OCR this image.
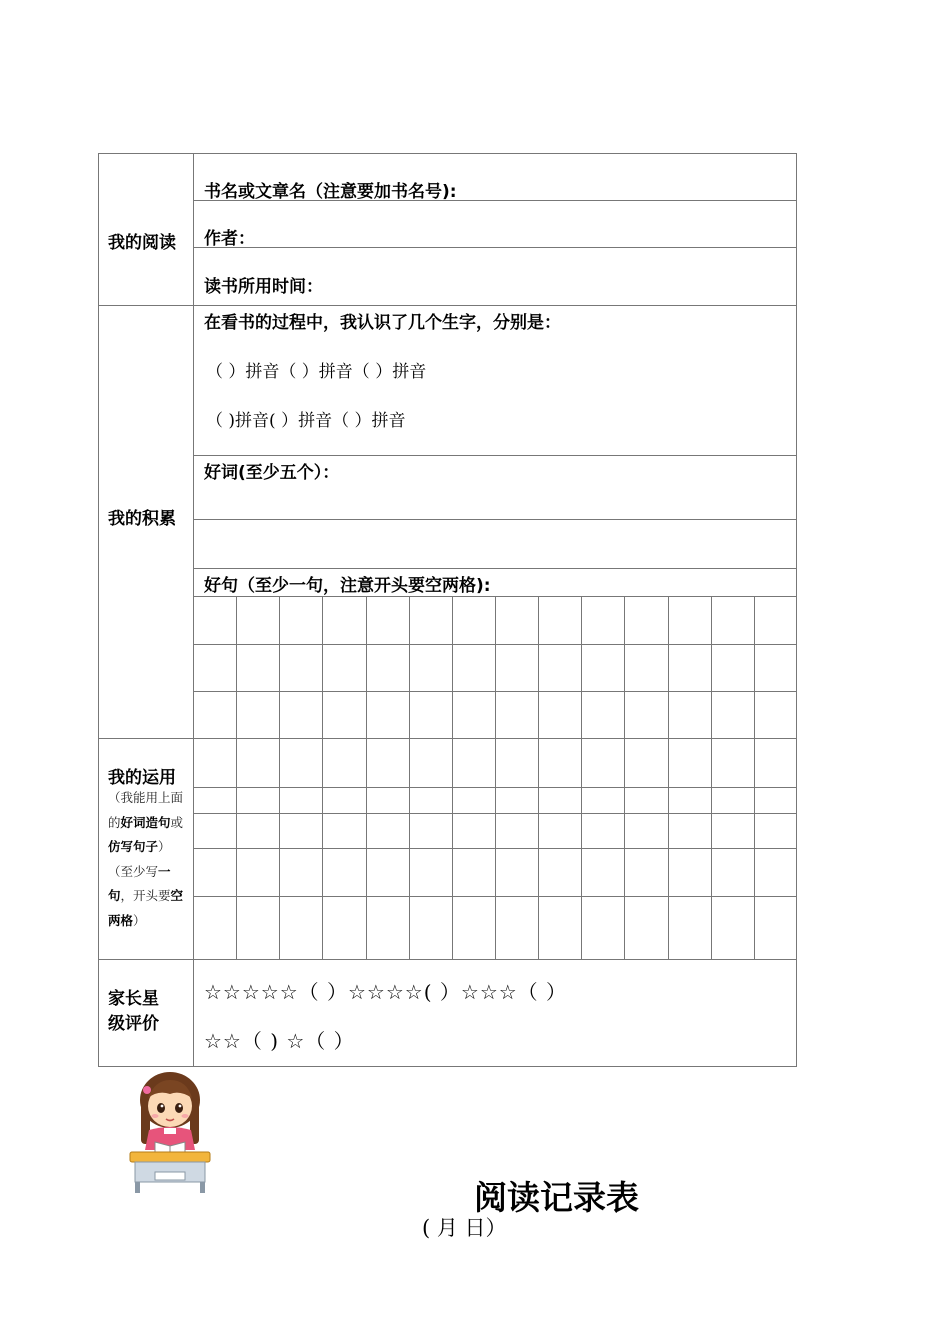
我的阅读
我的积累
我的运用
（我能用上面的好词造句或仿写句子）（至少写一句，开头要空两格）
家长星
级评价
书名或文章名（注意要加书名号):
作者：
读书所用时间：
在看书的过程中，我认识了几个生字，分别是：
（ ）拼音（ ）拼音（ ）拼音
（ )拼音( ）拼音（ ）拼音
好词(至少五个）：
好句（至少一句，注意开头要空两格):
☆☆☆☆☆（ ）☆☆☆☆( ）☆☆☆（ ）
☆☆（ ) ☆（ ）
阅读记录表
( 月 日）
